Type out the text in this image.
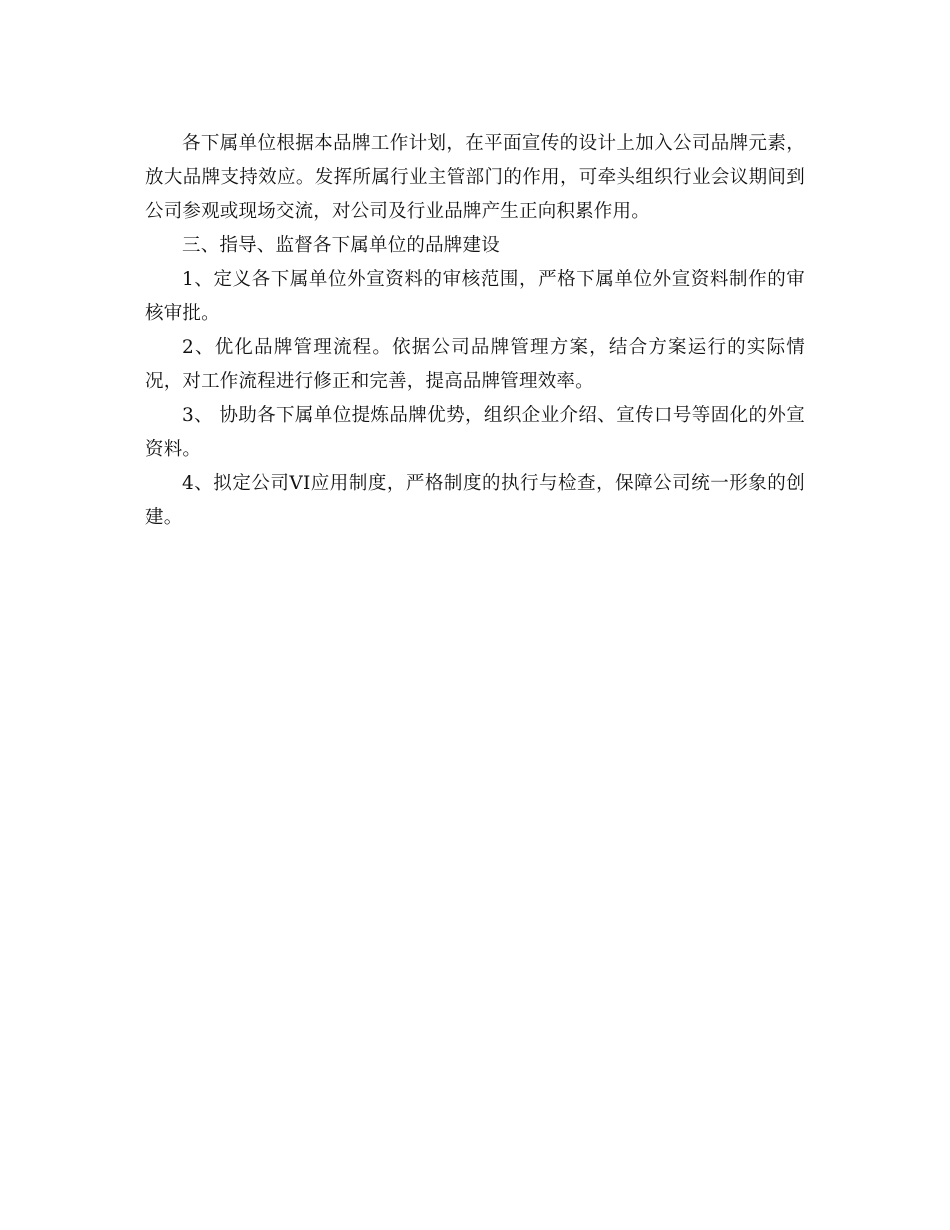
各下属单位根据本品牌工作计划，在平面宣传的设计上加入公司品牌元素，放大品牌支持效应。发挥所属行业主管部门的作用，可牵头组织行业会议期间到公司参观或现场交流，对公司及行业品牌产生正向积累作用。

三、指导、监督各下属单位的品牌建设

1、定义各下属单位外宣资料的审核范围，严格下属单位外宣资料制作的审核审批。

2、优化品牌管理流程。依据公司品牌管理方案，结合方案运行的实际情况，对工作流程进行修正和完善，提高品牌管理效率。

3、 协助各下属单位提炼品牌优势，组织企业介绍、宣传口号等固化的外宣资料。

4、拟定公司VI应用制度，严格制度的执行与检查，保障公司统一形象的创建。
